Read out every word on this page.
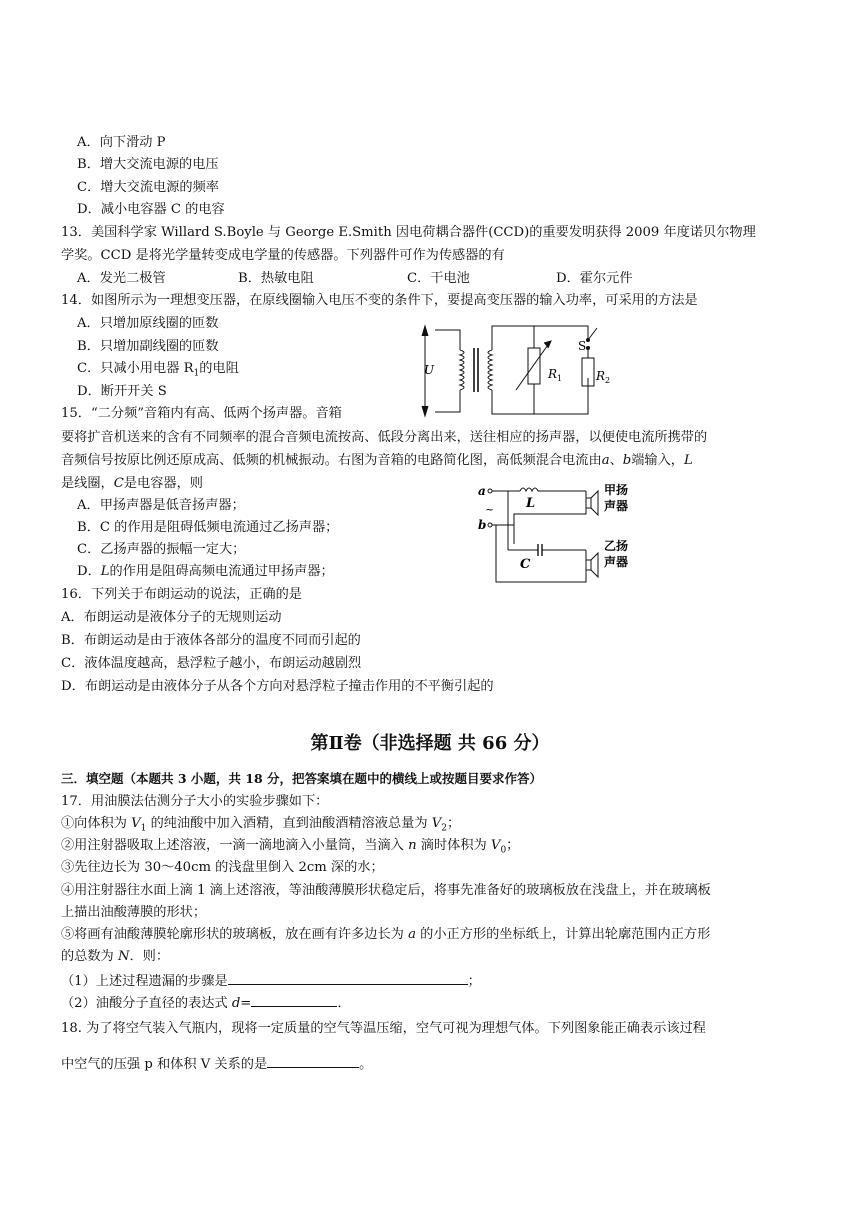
A．向下滑动 P
B．增大交流电源的电压
C．增大交流电源的频率
D．减小电容器 C 的电容
13．美国科学家 Willard S.Boyle 与 George E.Smith 因电荷耦合器件(CCD)的重要发明获得 2009 年度诺贝尔物理
学奖。CCD 是将光学量转变成电学量的传感器。下列器件可作为传感器的有
A．发光二极管	B．热敏电阻	C．干电池	D．霍尔元件
14．如图所示为一理想变压器，在原线圈输入电压不变的条件下，要提高变压器的输入功率，可采用的方法是
A．只增加原线圈的匝数
B．只增加副线圈的匝数
C．只减小用电器 $R_1$的电阻
D．断开开关 S
U
S
R 1	R 2
15．“二分频”音箱内有高、低两个扬声器。音箱
要将扩音机送来的含有不同频率的混合音频电流按高、低段分离出来，送往相应的扬声器，以便使电流所携带的
音频信号按原比例还原成高、低频的机械振动。右图为音箱的电路简化图，高低频混合电流由a、b端输入，L
是线圈，C是电容器，则
A．甲扬声器是低音扬声器；
B．C 的作用是阻碍低频电流通过乙扬声器；
C．乙扬声器的振幅一定大；
D．L的作用是阻碍高频电流通过甲扬声器；
a
b
~ L
C
甲扬
声器
乙扬
声器
16．下列关于布朗运动的说法，正确的是
A．布朗运动是液体分子的无规则运动
B．布朗运动是由于液体各部分的温度不同而引起的
C．液体温度越高，悬浮粒子越小，布朗运动越剧烈
D．布朗运动是由液体分子从各个方向对悬浮粒子撞击作用的不平衡引起的
第Ⅱ卷（非选择题 共 66 分）
三．填空题（本题共 3 小题，共 18 分，把答案填在题中的横线上或按题目要求作答）
17．用油膜法估测分子大小的实验步骤如下：
①向体积为 $V_1$ 的纯油酸中加入酒精，直到油酸酒精溶液总量为 $V_2$；
②用注射器吸取上述溶液，一滴一滴地滴入小量筒，当滴入 n 滴时体积为 $V_0$；
③先往边长为 30～40cm 的浅盘里倒入 2cm 深的水；
④用注射器往水面上滴 1 滴上述溶液，等油酸薄膜形状稳定后，将事先准备好的玻璃板放在浅盘上，并在玻璃板
上描出油酸薄膜的形状；
⑤将画有油酸薄膜轮廓形状的玻璃板，放在画有许多边长为 a 的小正方形的坐标纸上，计算出轮廓范围内正方形
的总数为 N．则：
（1）上述过程遗漏的步骤是	；
（2）油酸分子直径的表达式 d=	．
18. 为了将空气装入气瓶内，现将一定质量的空气等温压缩，空气可视为理想气体。下列图象能正确表示该过程
中空气的压强 p 和体积 V 关系的是	。
